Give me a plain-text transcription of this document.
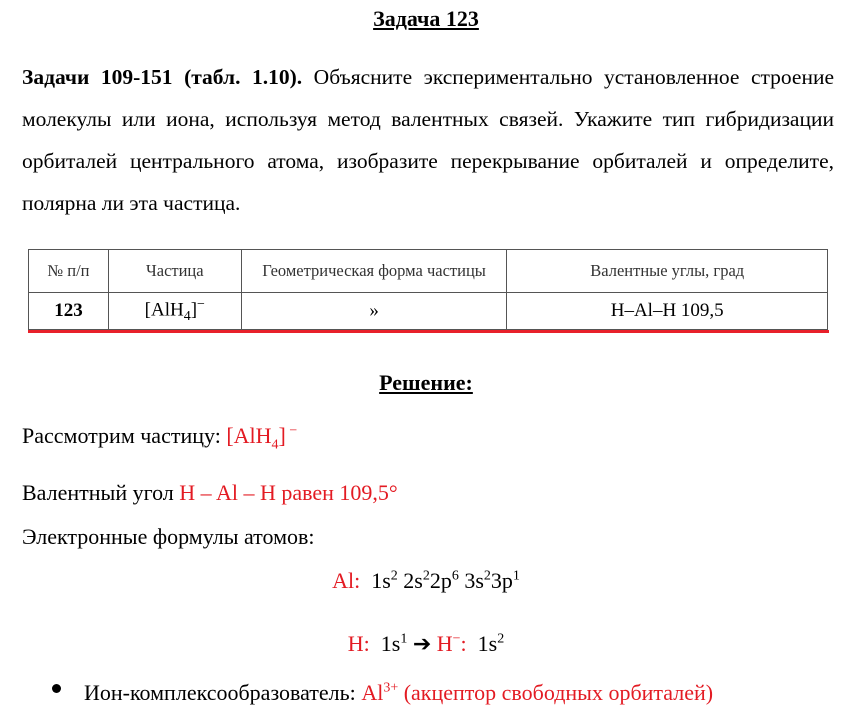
Задача 123
Задачи 109-151 (табл. 1.10). Объясните экспериментально установленное строение молекулы или иона, используя метод валентных связей. Укажите тип гибридизации орбиталей центрального атома, изобразите перекрывание орбиталей и определите, полярна ли эта частица.
№ п/п	Частица	Геометрическая форма частицы	Валентные углы, град
123	[AlH$_4$]−	»	H–Al–H 109,5
Решение:
Рассмотрим частицу: [AlH$_4$] −
Валентный угол H – Al – H равен 109,5°
Электронные формулы атомов:
Al: $1s^2$ $2s^22p^6$ $3s^23p^1$
H: $1s^1$ ➔ H−: $1s^2$
Ион-комплексообразователь: $Al^{3+}$ (акцептор свободных орбиталей)
